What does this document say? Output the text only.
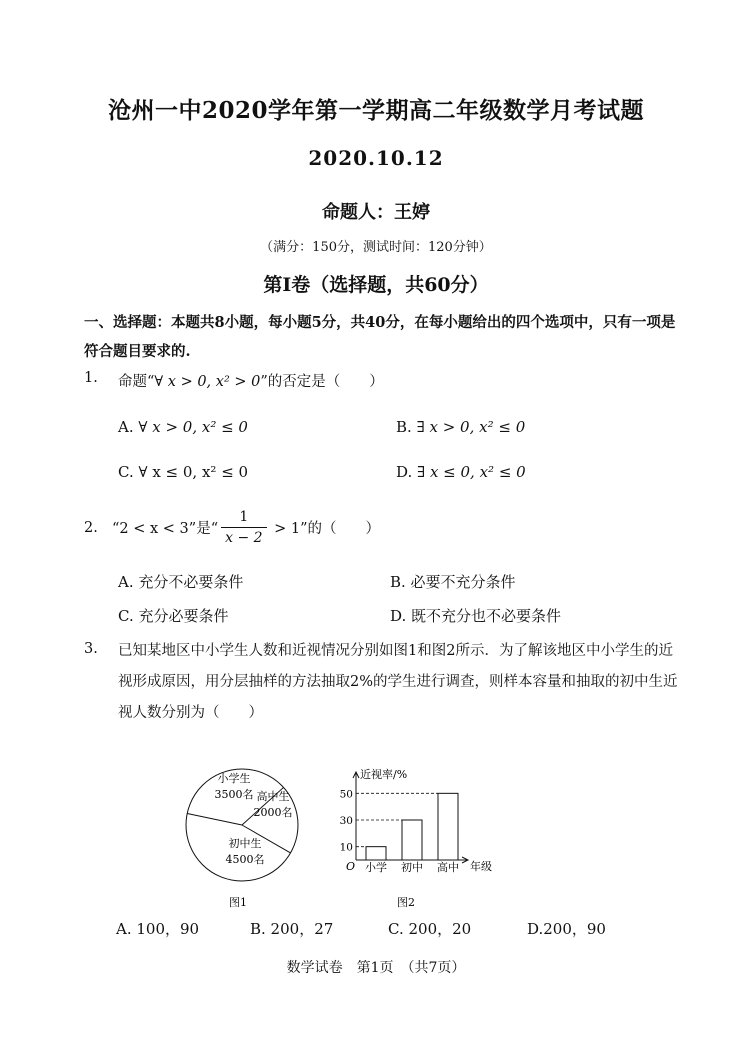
沧州一中2020学年第一学期高二年级数学月考试题
2020.10.12
命题人：王婷
（满分：150分，测试时间：120分钟）
第Ⅰ卷（选择题，共60分）
一、选择题：本题共8小题，每小题5分，共40分，在每小题给出的四个选项中，只有一项是符合题目要求的.
1. 命题“∀ x > 0, x² > 0”的否定是（　　）
A. ∀ x > 0, x² ≤ 0	B. ∃ x > 0, x² ≤ 0
C. ∀ x ≤ 0, x² ≤ 0	D. ∃ x ≤ 0, x² ≤ 0
2. “2 < x < 3”是“ $\frac{1}{x - 2} > 1$”的（　　）
A. 充分不必要条件	B. 必要不充分条件
C. 充分必要条件	D. 既不充分也不必要条件
3. 已知某地区中小学生人数和近视情况分别如图1和图2所示．为了解该地区中小学生的近视形成原因，用分层抽样的方法抽取2%的学生进行调查，则样本容量和抽取的初中生近视人数分别为（　　）
小学生
3500名 高中生
2000名
初中生
4500名
图1
小学 初中 高中
10
30
50
近视率/%
O	年级
图2
A. 100，90	B. 200，27	C. 200，20	D.200，90
数学试卷　第1页　（共7页）
